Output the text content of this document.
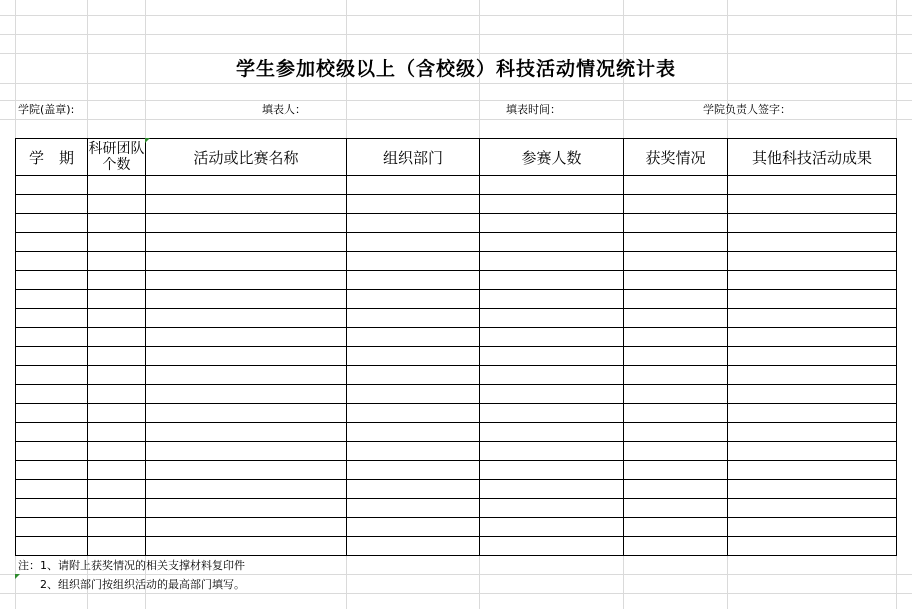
学生参加校级以上（含校级）科技活动情况统计表
学院(盖章):	填表人：	填表时间：	学院负责人签字：
学　期	科研团队个数	活动或比赛名称	组织部门	参赛人数	获奖情况	其他科技活动成果

注：1、请附上获奖情况的相关支撑材料复印件
2、组织部门按组织活动的最高部门填写。
